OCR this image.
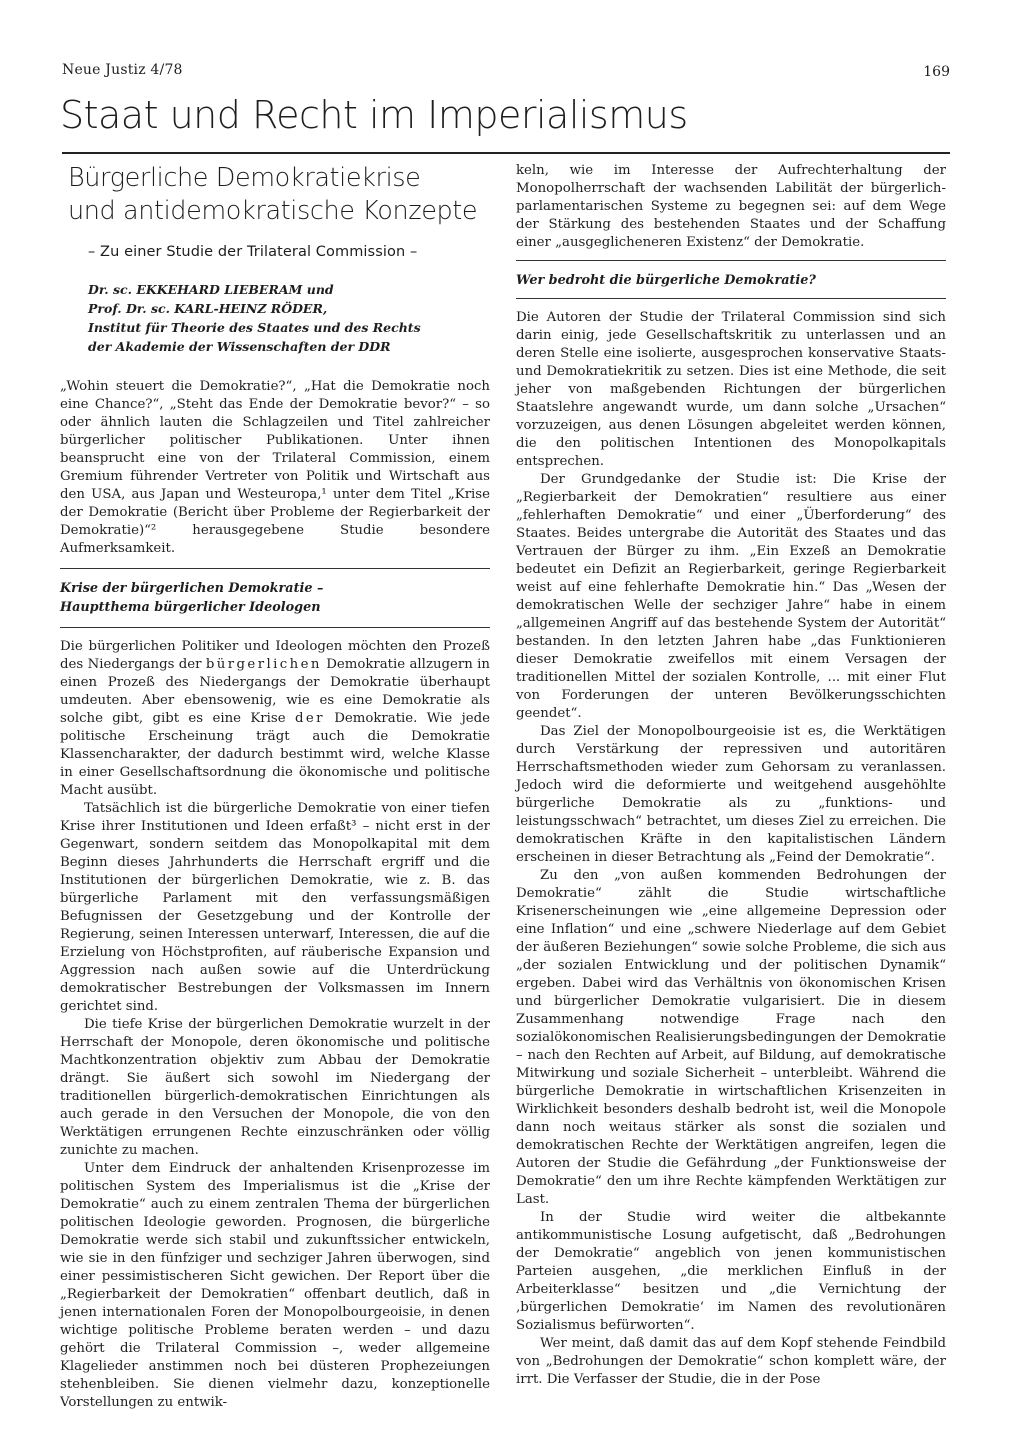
Neue Justiz 4/78	169
Staat und Recht im Imperialismus
Bürgerliche Demokratiekrise
und antidemokratische Konzepte
– Zu einer Studie der Trilateral Commission –
Dr. sc. EKKEHARD LIEBERAM und
Prof. Dr. sc. KARL-HEINZ RÖDER,
Institut für Theorie des Staates und des Rechts
der Akademie der Wissenschaften der DDR

„Wohin steuert die Demokratie?“, „Hat die Demokratie noch eine Chance?“, „Steht das Ende der Demokratie bevor?“ – so oder ähnlich lauten die Schlagzeilen und Titel zahlreicher bürgerlicher politischer Publikationen. Unter ihnen beansprucht eine von der Trilateral Commission, einem Gremium führender Vertreter von Politik und Wirtschaft aus den USA, aus Japan und Westeuropa,¹ unter dem Titel „Krise der Demokratie (Bericht über Probleme der Regierbarkeit der Demokratie)“² herausgegebene Studie besondere Aufmerksamkeit.

Krise der bürgerlichen Demokratie –
Hauptthema bürgerlicher Ideologen

Die bürgerlichen Politiker und Ideologen möchten den Prozeß des Niedergangs der bürgerlichen Demokratie allzugern in einen Prozeß des Niedergangs der Demokratie überhaupt umdeuten. Aber ebensowenig, wie es eine Demokratie als solche gibt, gibt es eine Krise der Demokratie. Wie jede politische Erscheinung trägt auch die Demokratie Klassencharakter, der dadurch bestimmt wird, welche Klasse in einer Gesellschaftsordnung die ökonomische und politische Macht ausübt.

Tatsächlich ist die bürgerliche Demokratie von einer tiefen Krise ihrer Institutionen und Ideen erfaßt³ – nicht erst in der Gegenwart, sondern seitdem das Monopolkapital mit dem Beginn dieses Jahrhunderts die Herrschaft ergriff und die Institutionen der bürgerlichen Demokratie, wie z. B. das bürgerliche Parlament mit den verfassungsmäßigen Befugnissen der Gesetzgebung und der Kontrolle der Regierung, seinen Interessen unterwarf, Interessen, die auf die Erzielung von Höchstprofiten, auf räuberische Expansion und Aggression nach außen sowie auf die Unterdrückung demokratischer Bestrebungen der Volksmassen im Innern gerichtet sind.

Die tiefe Krise der bürgerlichen Demokratie wurzelt in der Herrschaft der Monopole, deren ökonomische und politische Machtkonzentration objektiv zum Abbau der Demokratie drängt. Sie äußert sich sowohl im Niedergang der traditionellen bürgerlich-demokratischen Einrichtungen als auch gerade in den Versuchen der Monopole, die von den Werktätigen errungenen Rechte einzuschränken oder völlig zunichte zu machen.

Unter dem Eindruck der anhaltenden Krisenprozesse im politischen System des Imperialismus ist die „Krise der Demokratie“ auch zu einem zentralen Thema der bürgerlichen politischen Ideologie geworden. Prognosen, die bürgerliche Demokratie werde sich stabil und zukunftssicher entwickeln, wie sie in den fünfziger und sechziger Jahren überwogen, sind einer pessimistischeren Sicht gewichen. Der Report über die „Regierbarkeit der Demokratien“ offenbart deutlich, daß in jenen internationalen Foren der Monopolbourgeoisie, in denen wichtige politische Probleme beraten werden – und dazu gehört die Trilateral Commission –, weder allgemeine Klagelieder anstimmen noch bei düsteren Prophezeiungen stehenbleiben. Sie dienen vielmehr dazu, konzeptionelle Vorstellungen zu entwik-

keln, wie im Interesse der Aufrechterhaltung der Monopolherrschaft der wachsenden Labilität der bürgerlich-parlamentarischen Systeme zu begegnen sei: auf dem Wege der Stärkung des bestehenden Staates und der Schaffung einer „ausgeglicheneren Existenz“ der Demokratie.

Wer bedroht die bürgerliche Demokratie?

Die Autoren der Studie der Trilateral Commission sind sich darin einig, jede Gesellschaftskritik zu unterlassen und an deren Stelle eine isolierte, ausgesprochen konservative Staats- und Demokratiekritik zu setzen. Dies ist eine Methode, die seit jeher von maßgebenden Richtungen der bürgerlichen Staatslehre angewandt wurde, um dann solche „Ursachen“ vorzuzeigen, aus denen Lösungen abgeleitet werden können, die den politischen Intentionen des Monopolkapitals entsprechen.

Der Grundgedanke der Studie ist: Die Krise der „Regierbarkeit der Demokratien“ resultiere aus einer „fehlerhaften Demokratie“ und einer „Überforderung“ des Staates. Beides untergrabe die Autorität des Staates und das Vertrauen der Bürger zu ihm. „Ein Exzeß an Demokratie bedeutet ein Defizit an Regierbarkeit, geringe Regierbarkeit weist auf eine fehlerhafte Demokratie hin.“ Das „Wesen der demokratischen Welle der sechziger Jahre“ habe in einem „allgemeinen Angriff auf das bestehende System der Autorität“ bestanden. In den letzten Jahren habe „das Funktionieren dieser Demokratie zweifellos mit einem Versagen der traditionellen Mittel der sozialen Kontrolle, ... mit einer Flut von Forderungen der unteren Bevölkerungsschichten geendet“.

Das Ziel der Monopolbourgeoisie ist es, die Werktätigen durch Verstärkung der repressiven und autoritären Herrschaftsmethoden wieder zum Gehorsam zu veranlassen. Jedoch wird die deformierte und weitgehend ausgehöhlte bürgerliche Demokratie als zu „funktions- und leistungsschwach“ betrachtet, um dieses Ziel zu erreichen. Die demokratischen Kräfte in den kapitalistischen Ländern erscheinen in dieser Betrachtung als „Feind der Demokratie“.

Zu den „von außen kommenden Bedrohungen der Demokratie“ zählt die Studie wirtschaftliche Krisenerscheinungen wie „eine allgemeine Depression oder eine Inflation“ und eine „schwere Niederlage auf dem Gebiet der äußeren Beziehungen“ sowie solche Probleme, die sich aus „der sozialen Entwicklung und der politischen Dynamik“ ergeben. Dabei wird das Verhältnis von ökonomischen Krisen und bürgerlicher Demokratie vulgarisiert. Die in diesem Zusammenhang notwendige Frage nach den sozialökonomischen Realisierungsbedingungen der Demokratie – nach den Rechten auf Arbeit, auf Bildung, auf demokratische Mitwirkung und soziale Sicherheit – unterbleibt. Während die bürgerliche Demokratie in wirtschaftlichen Krisenzeiten in Wirklichkeit besonders deshalb bedroht ist, weil die Monopole dann noch weitaus stärker als sonst die sozialen und demokratischen Rechte der Werktätigen angreifen, legen die Autoren der Studie die Gefährdung „der Funktionsweise der Demokratie“ den um ihre Rechte kämpfenden Werktätigen zur Last.

In der Studie wird weiter die altbekannte antikommunistische Losung aufgetischt, daß „Bedrohungen der Demokratie“ angeblich von jenen kommunistischen Parteien ausgehen, „die merklichen Einfluß in der Arbeiterklasse“ besitzen und „die Vernichtung der ‚bürgerlichen Demokratie‘ im Namen des revolutionären Sozialismus befürworten“.

Wer meint, daß damit das auf dem Kopf stehende Feindbild von „Bedrohungen der Demokratie“ schon komplett wäre, der irrt. Die Verfasser der Studie, die in der Pose
